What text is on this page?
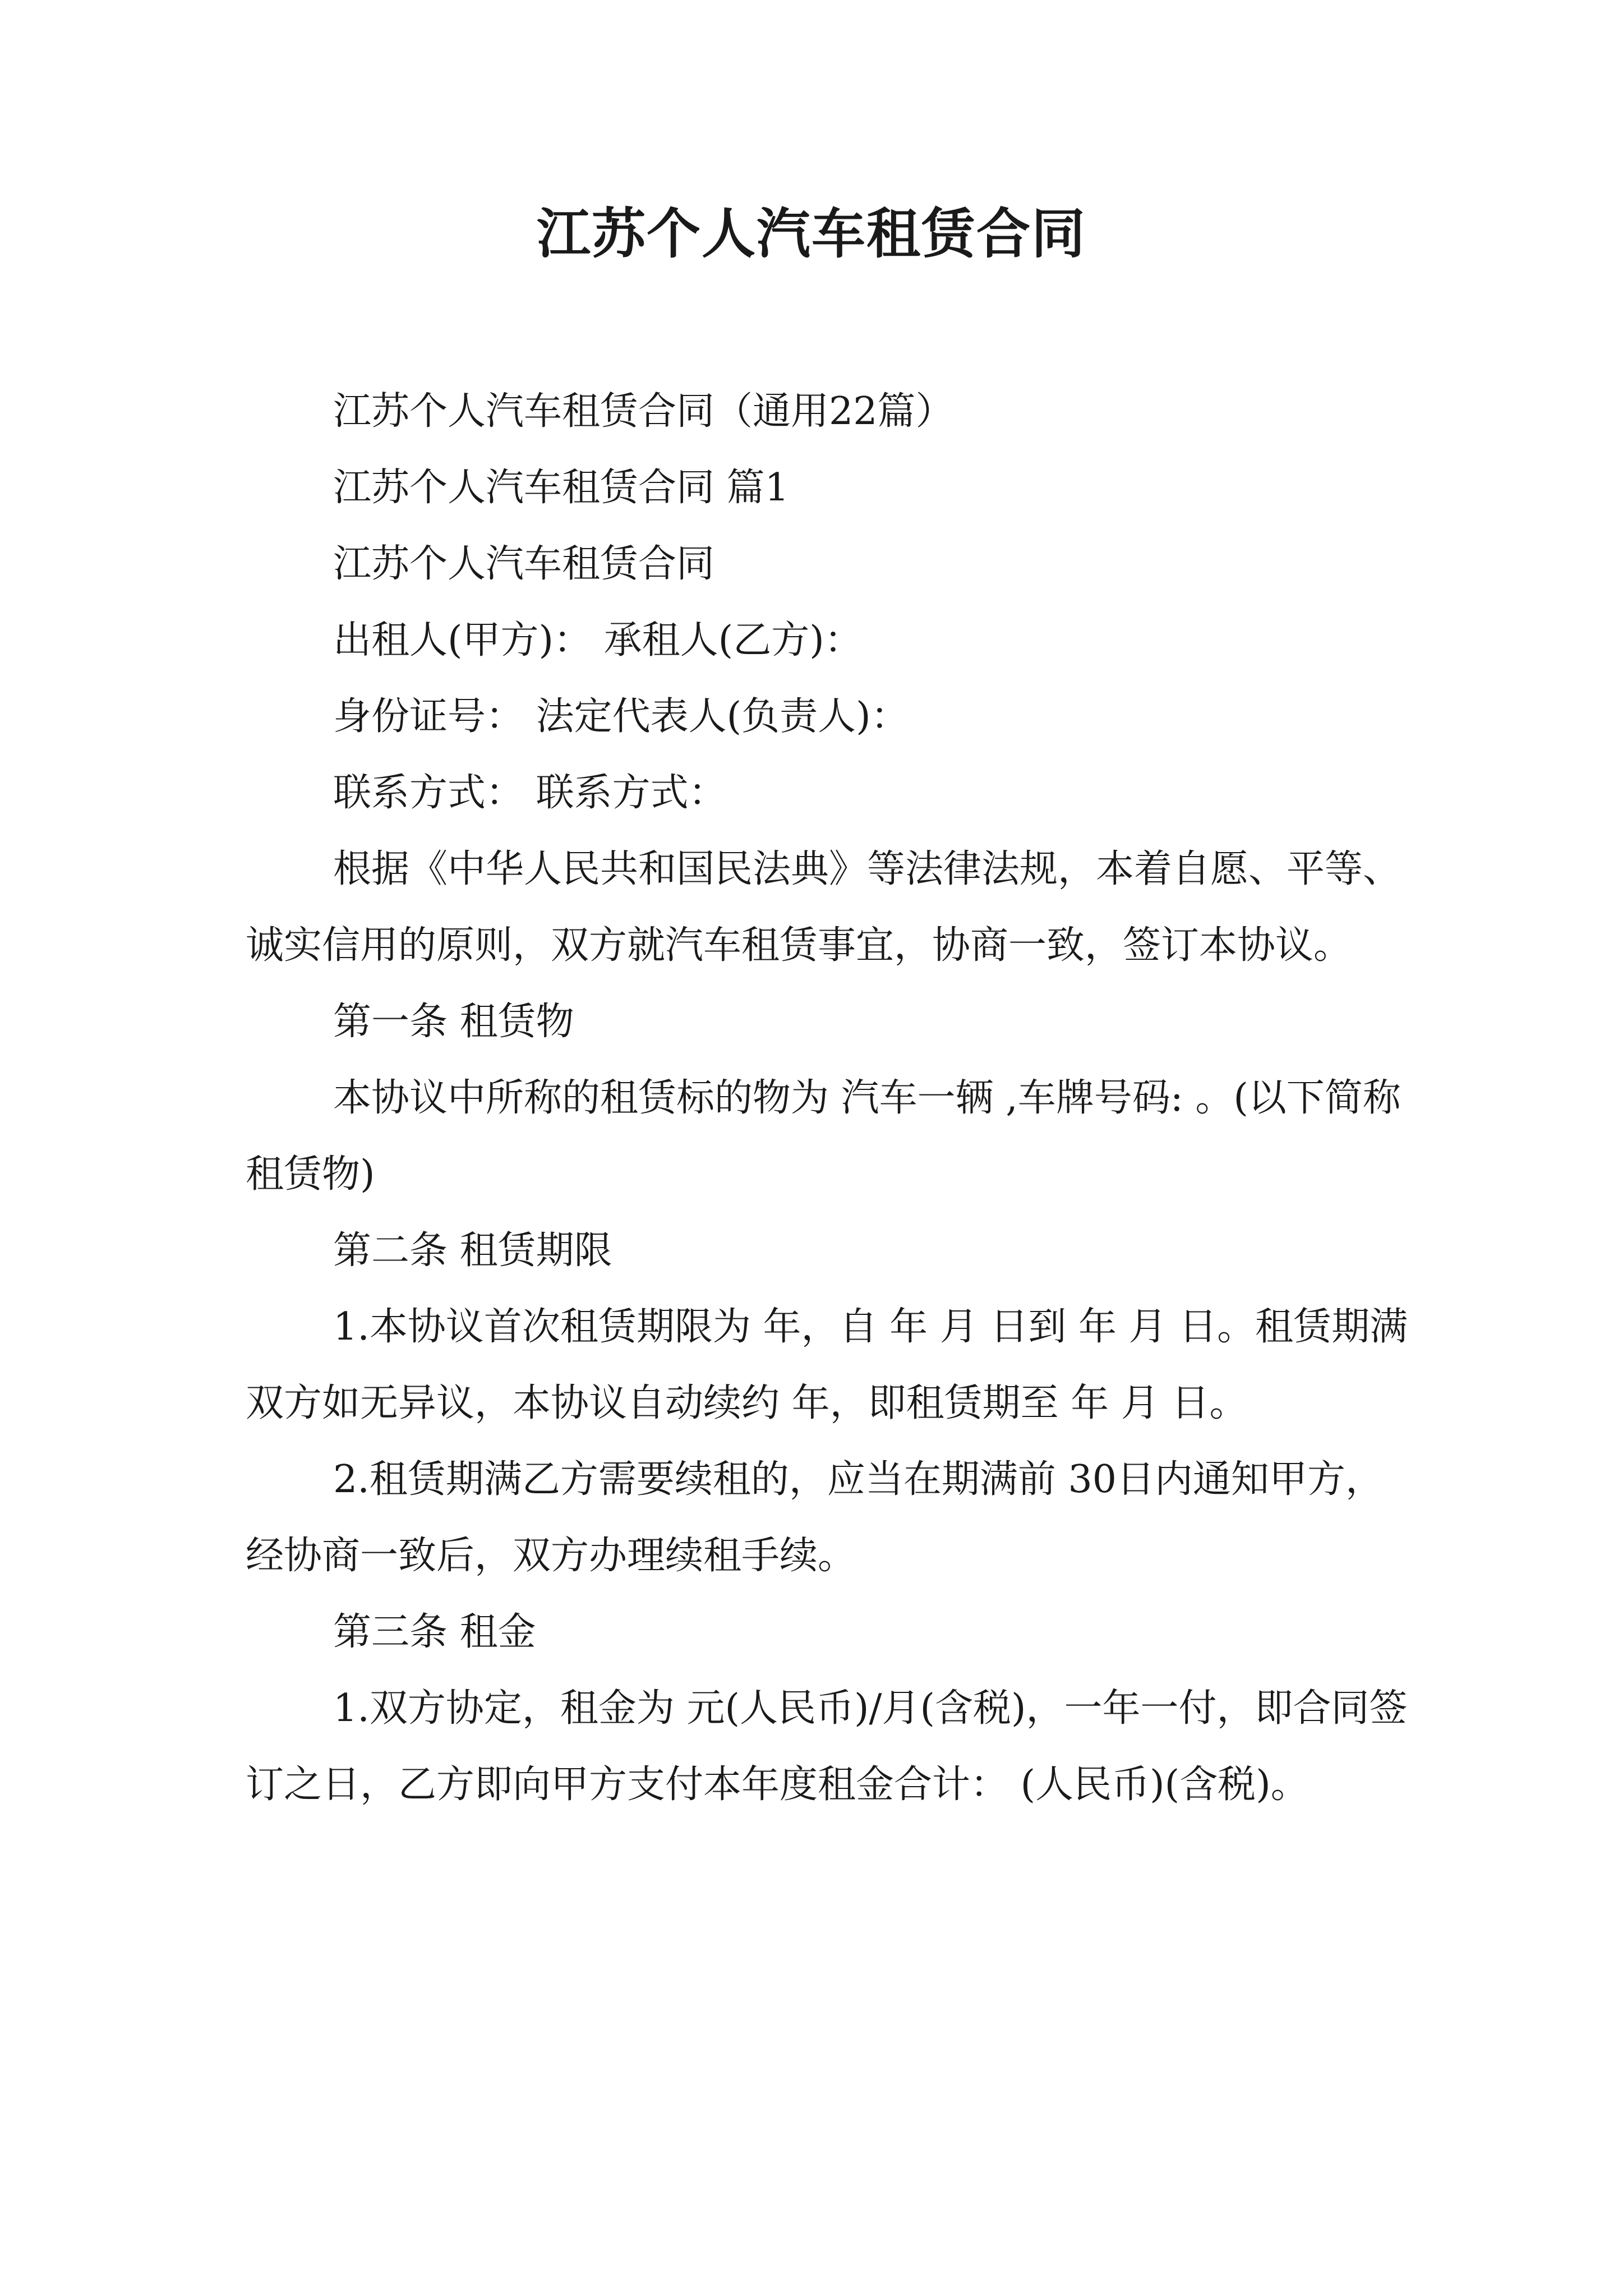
江苏个人汽车租赁合同

江苏个人汽车租赁合同（通用22篇）

江苏个人汽车租赁合同 篇1

江苏个人汽车租赁合同

出租人(甲方)： 承租人(乙方)：

身份证号： 法定代表人(负责人)：

联系方式： 联系方式：

根据《中华人民共和国民法典》等法律法规，本着自愿、平等、诚实信用的原则，双方就汽车租赁事宜，协商一致，签订本协议。

第一条 租赁物

本协议中所称的租赁标的物为 汽车一辆 ,车牌号码: 。(以下简称租赁物)

第二条 租赁期限

1.本协议首次租赁期限为 年，自 年 月 日到 年 月 日。租赁期满双方如无异议，本协议自动续约 年，即租赁期至 年 月 日。

2.租赁期满乙方需要续租的，应当在期满前 30日内通知甲方，经协商一致后，双方办理续租手续。

第三条 租金

1.双方协定，租金为 元(人民币)/月(含税)，一年一付，即合同签订之日，乙方即向甲方支付本年度租金合计： (人民币)(含税)。
